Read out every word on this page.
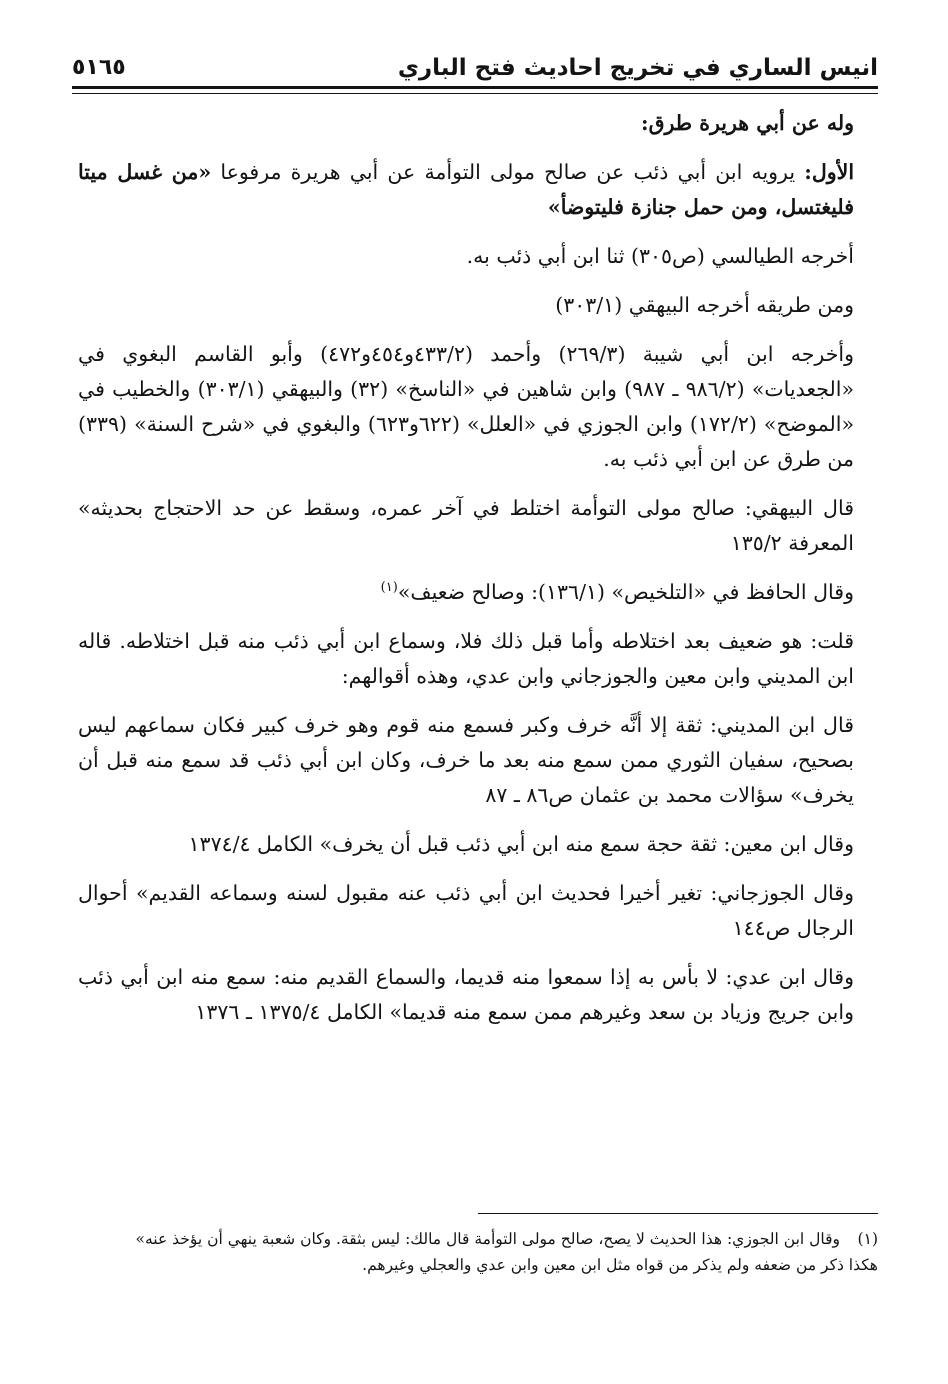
انيس الساري في تخريج احاديث فتح الباري
٥١٦٥

وله عن أبي هريرة طرق:

الأول: يرويه ابن أبي ذئب عن صالح مولى التوأمة عن أبي هريرة مرفوعا «من غسل ميتا فليغتسل، ومن حمل جنازة فليتوضأ»

أخرجه الطيالسي (ص٣٠٥) ثنا ابن أبي ذئب به.

ومن طريقه أخرجه البيهقي (٣٠٣/١)

وأخرجه ابن أبي شيبة (٢٦٩/٣) وأحمد (٤٣٣/٢و٤٥٤و٤٧٢) وأبو القاسم البغوي في «الجعديات» (٩٨٦/٢ ـ ٩٨٧) وابن شاهين في «الناسخ» (٣٢) والبيهقي (٣٠٣/١) والخطيب في «الموضح» (١٧٢/٢) وابن الجوزي في «العلل» (٦٢٢و٦٢٣) والبغوي في «شرح السنة» (٣٣٩) من طرق عن ابن أبي ذئب به.

قال البيهقي: صالح مولى التوأمة اختلط في آخر عمره، وسقط عن حد الاحتجاج بحديثه» المعرفة ١٣٥/٢

وقال الحافظ في «التلخيص» (١٣٦/١): وصالح ضعيف»$^{(١)}$

قلت: هو ضعيف بعد اختلاطه وأما قبل ذلك فلا، وسماع ابن أبي ذئب منه قبل اختلاطه. قاله ابن المديني وابن معين والجوزجاني وابن عدي، وهذه أقوالهم:

قال ابن المديني: ثقة إلا أنَّه خرف وكبر فسمع منه قوم وهو خرف كبير فكان سماعهم ليس بصحيح، سفيان الثوري ممن سمع منه بعد ما خرف، وكان ابن أبي ذئب قد سمع منه قبل أن يخرف» سؤالات محمد بن عثمان ص٨٦ ـ ٨٧

وقال ابن معين: ثقة حجة سمع منه ابن أبي ذئب قبل أن يخرف» الكامل ١٣٧٤/٤

وقال الجوزجاني: تغير أخيرا فحديث ابن أبي ذئب عنه مقبول لسنه وسماعه القديم» أحوال الرجال ص١٤٤

وقال ابن عدي: لا بأس به إذا سمعوا منه قديما، والسماع القديم منه: سمع منه ابن أبي ذئب وابن جريج وزياد بن سعد وغيرهم ممن سمع منه قديما» الكامل ١٣٧٥/٤ ـ ١٣٧٦

(١)وقال ابن الجوزي: هذا الحديث لا يصح، صالح مولى التوأمة قال مالك: ليس بثقة. وكان شعبة ينهي أن يؤخذ عنه»

هكذا ذكر من ضعفه ولم يذكر من قواه مثل ابن معين وابن عدي والعجلي وغيرهم.
